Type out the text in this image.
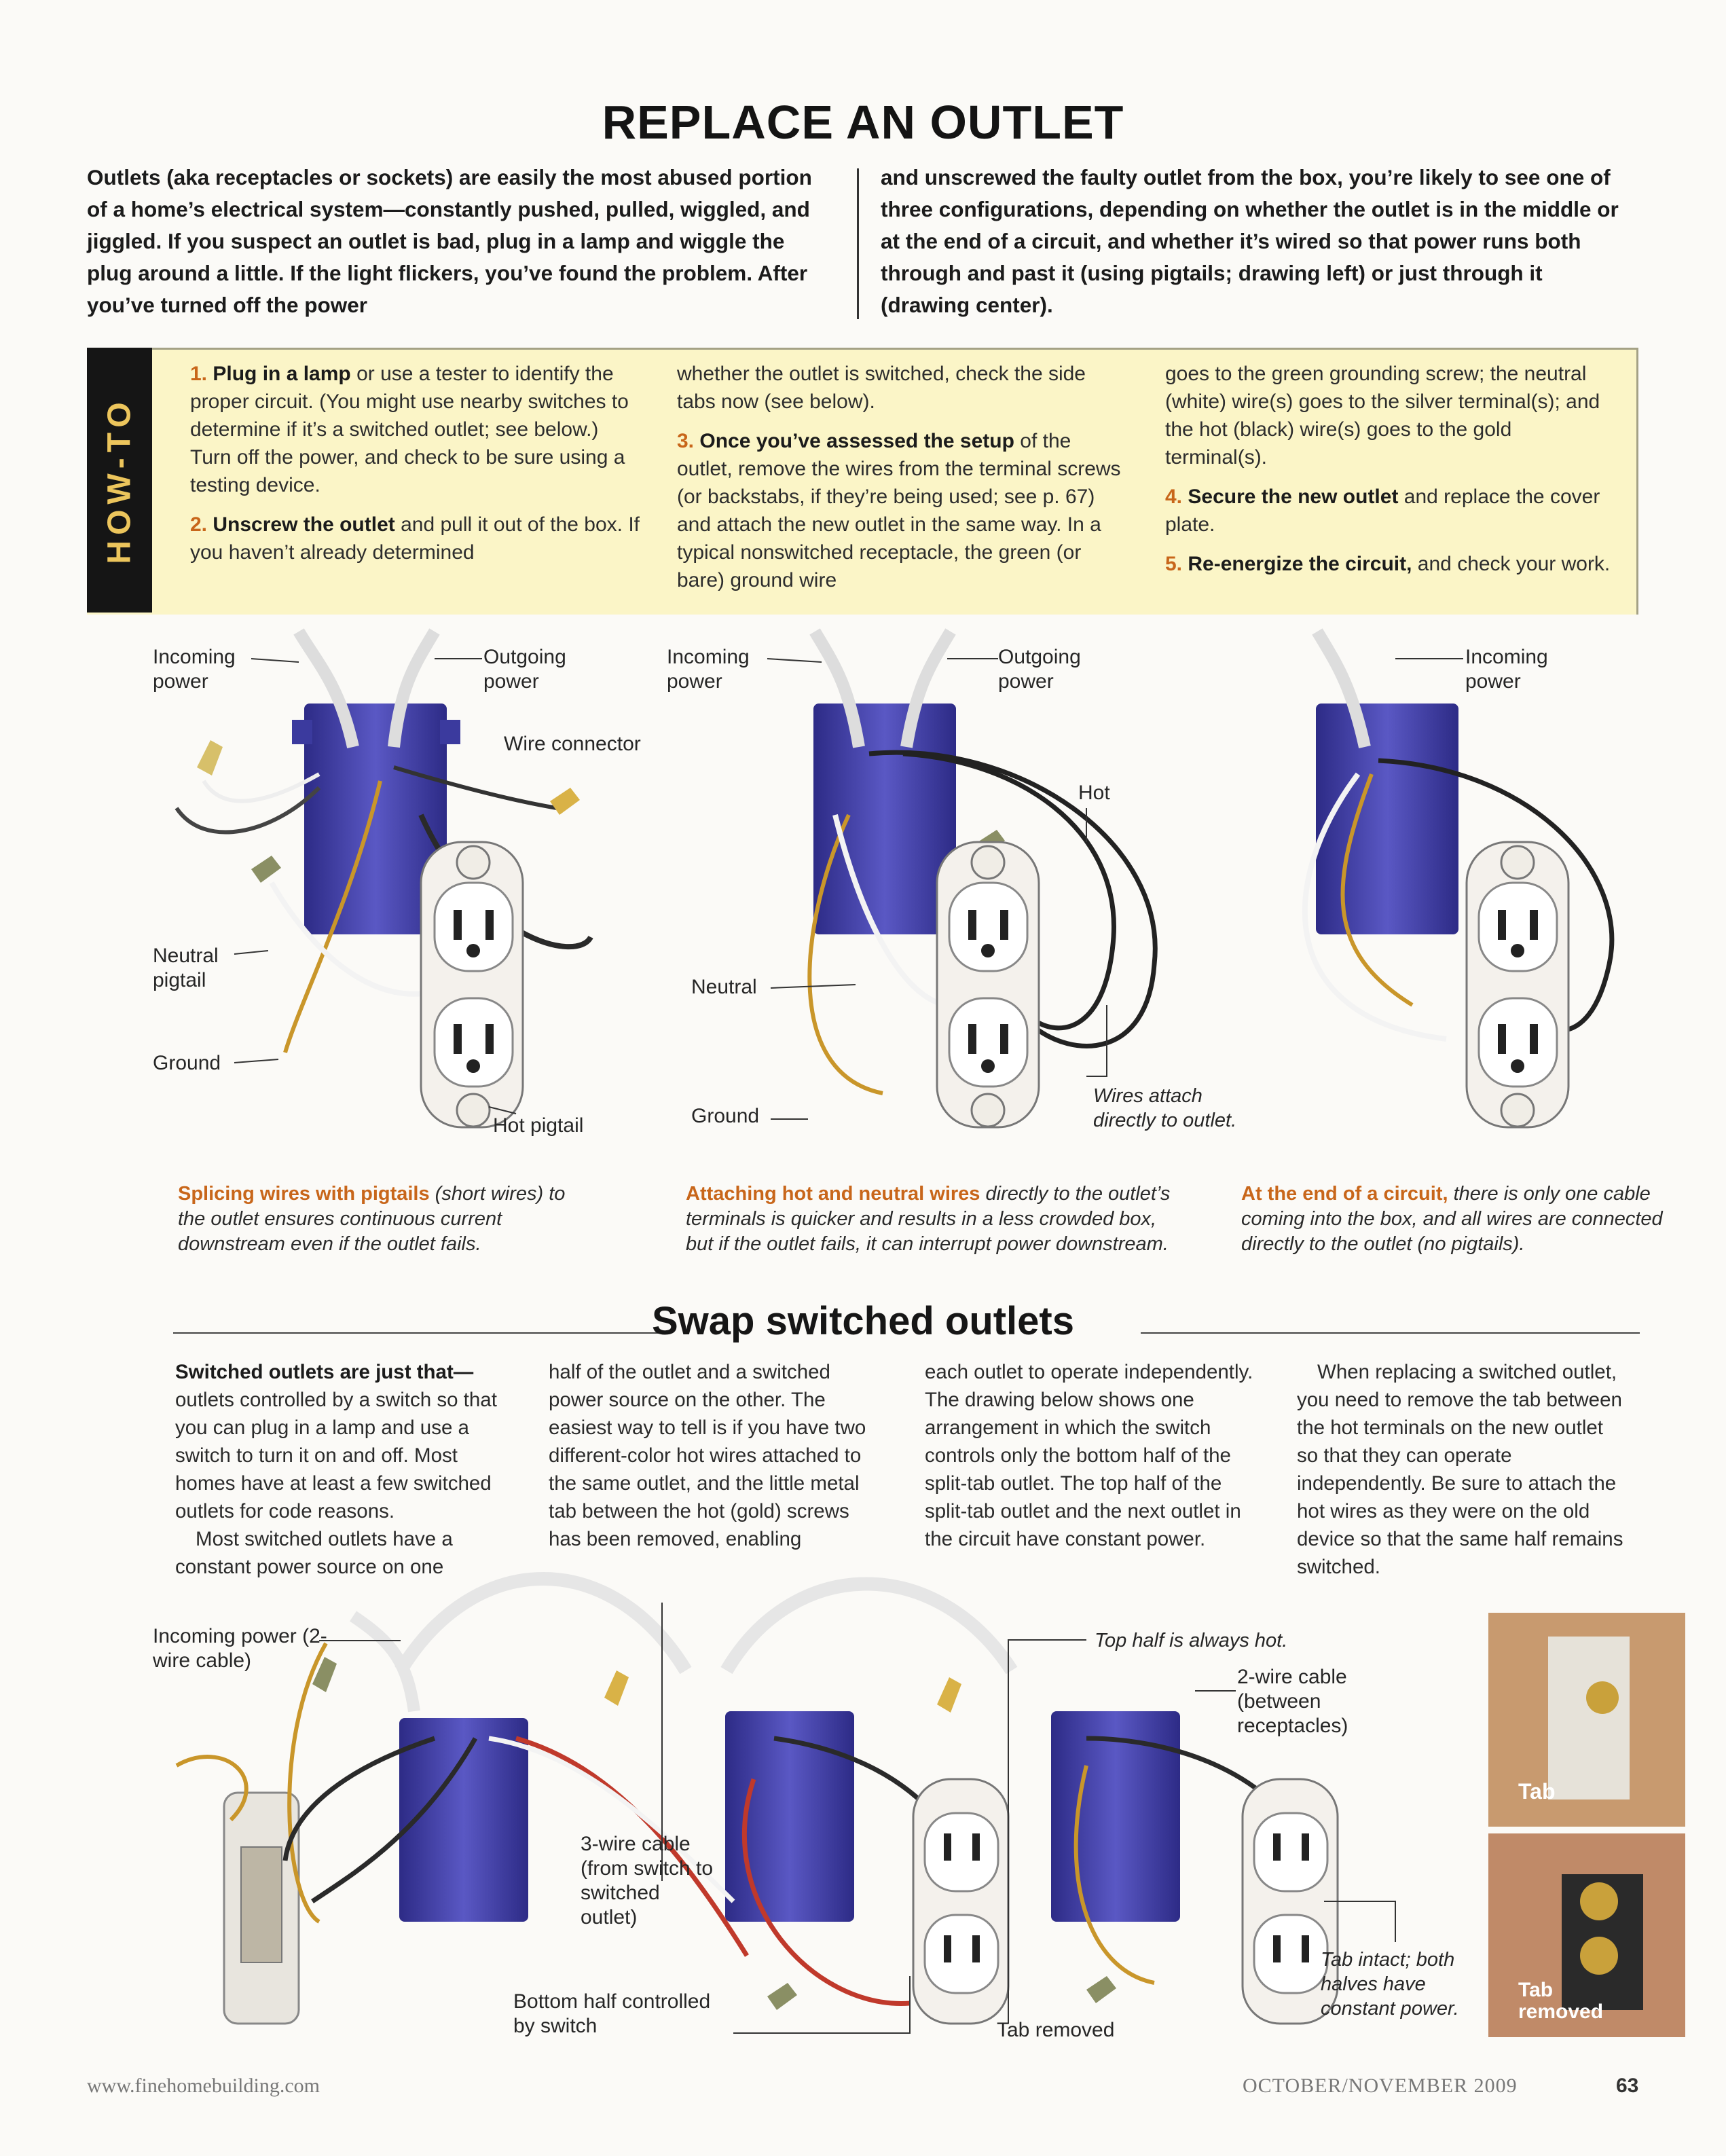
REPLACE AN OUTLET
Outlets (aka receptacles or sockets) are easily the most abused portion of a home’s electrical system—constantly pushed, pulled, wiggled, and jiggled. If you suspect an outlet is bad, plug in a lamp and wiggle the plug around a little. If the light flickers, you’ve found the problem. After you’ve turned off the power
and unscrewed the faulty outlet from the box, you’re likely to see one of three configurations, depending on whether the outlet is in the middle or at the end of a circuit, and whether it’s wired so that power runs both through and past it (using pigtails; drawing left) or just through it (drawing center).
HOW-TO

1. Plug in a lamp or use a tester to identify the proper circuit. (You might use nearby switches to determine if it’s a switched outlet; see below.) Turn off the power, and check to be sure using a testing device.

2. Unscrew the outlet and pull it out of the box. If you haven’t already determined

whether the outlet is switched, check the side tabs now (see below).

3. Once you’ve assessed the setup of the outlet, remove the wires from the terminal screws (or backstabs, if they’re being used; see p. 67) and attach the new outlet in the same way. In a typical nonswitched receptacle, the green (or bare) ground wire

goes to the green grounding screw; the neutral (white) wire(s) goes to the silver terminal(s); and the hot (black) wire(s) goes to the gold terminal(s).

4. Secure the new outlet and replace the cover plate.

5. Re-energize the circuit, and check your work.

Incoming power
Outgoing power
Wire connector
Neutral pigtail
Ground
Hot pigtail
Splicing wires with pigtails (short wires) to the outlet ensures continuous current downstream even if the outlet fails.
Incoming power
Outgoing power
Hot
Neutral
Ground
Wires attach directly to outlet.
Attaching hot and neutral wires directly to the outlet’s terminals is quicker and results in a less crowded box, but if the outlet fails, it can interrupt power downstream.
Incoming power
At the end of a circuit, there is only one cable coming into the box, and all wires are connected directly to the outlet (no pigtails).
Swap switched outlets

Switched outlets are just that— outlets controlled by a switch so that you can plug in a lamp and use a switch to turn it on and off. Most homes have at least a few switched outlets for code reasons.

Most switched outlets have a constant power source on one

half of the outlet and a switched power source on the other. The easiest way to tell is if you have two different-color hot wires attached to the same outlet, and the little metal tab between the hot (gold) screws has been removed, enabling
each outlet to operate independently. The drawing below shows one arrangement in which the switch controls only the bottom half of the split-tab outlet. The top half of the split-tab outlet and the next outlet in the circuit have constant power.
When replacing a switched outlet, you need to remove the tab between the hot terminals on the new outlet so that they can operate independently. Be sure to attach the hot wires as they were on the old device so that the same half remains switched.
Incoming power (2-wire cable)
3-wire cable (from switch to switched outlet)
Bottom half controlled by switch
Top half is always hot.
2-wire cable (between receptacles)
Tab removed
Tab intact; both halves have constant power.
Tab
Tab removed
www.finehomebuilding.com	OCTOBER/NOVEMBER 2009	63
